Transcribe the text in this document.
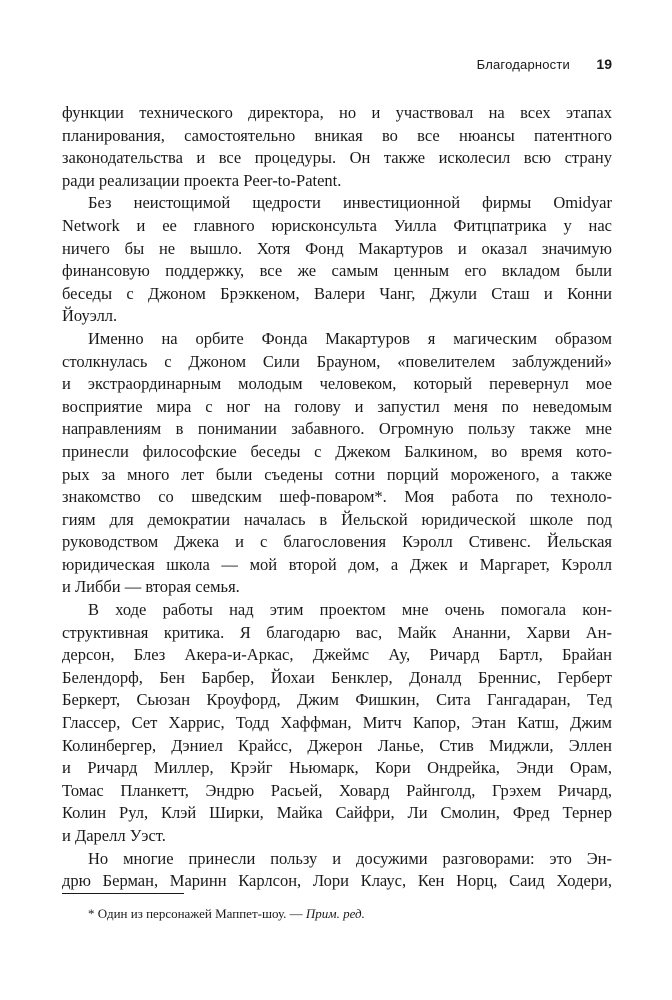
Благодарности 19
функции технического директора, но и участвовал на всех этапах
планирования, самостоятельно вникая во все нюансы патентного
законодательства и все процедуры. Он также исколесил всю страну
ради реализации проекта Peer-to-Patent.
Без неистощимой щедрости инвестиционной фирмы Omidyar
Network и ее главного юрисконсульта Уилла Фитцпатрика у нас
ничего бы не вышло. Хотя Фонд Макартуров и оказал значимую
финансовую поддержку, все же самым ценным его вкладом были
беседы с Джоном Брэккеном, Валери Чанг, Джули Сташ и Конни
Йоуэлл.
Именно на орбите Фонда Макартуров я магическим образом
столкнулась с Джоном Сили Брауном, «повелителем заблуждений»
и экстраординарным молодым человеком, который перевернул мое
восприятие мира с ног на голову и запустил меня по неведомым
направлениям в понимании забавного. Огромную пользу также мне
принесли философские беседы с Джеком Балкином, во время кото-
рых за много лет были съедены сотни порций мороженого, а также
знакомство со шведским шеф-поваром*. Моя работа по техноло-
гиям для демократии началась в Йельской юридической школе под
руководством Джека и с благословения Кэролл Стивенс. Йельская
юридическая школа — мой второй дом, а Джек и Маргарет, Кэролл
и Либби — вторая семья.
В ходе работы над этим проектом мне очень помогала кон-
структивная критика. Я благодарю вас, Майк Ананни, Харви Ан-
дерсон, Блез Акера-и-Аркас, Джеймс Ау, Ричард Бартл, Брайан
Белендорф, Бен Барбер, Йохаи Бенклер, Доналд Бреннис, Герберт
Беркерт, Сьюзан Кроуфорд, Джим Фишкин, Сита Гангадаран, Тед
Глассер, Сет Харрис, Тодд Хаффман, Митч Капор, Этан Катш, Джим
Колинбергер, Дэниел Крайсс, Джерон Ланье, Стив Миджли, Эллен
и Ричард Миллер, Крэйг Ньюмарк, Кори Ондрейка, Энди Орам,
Томас Планкетт, Эндрю Расьей, Ховард Райнголд, Грэхем Ричард,
Колин Рул, Клэй Ширки, Майка Сайфри, Ли Смолин, Фред Тернер
и Дарелл Уэст.
Но многие принесли пользу и досужими разговорами: это Эн-
дрю Берман, Маринн Карлсон, Лори Клаус, Кен Норц, Саид Ходери,
* Один из персонажей Маппет-шоу. — Прим. ред.
